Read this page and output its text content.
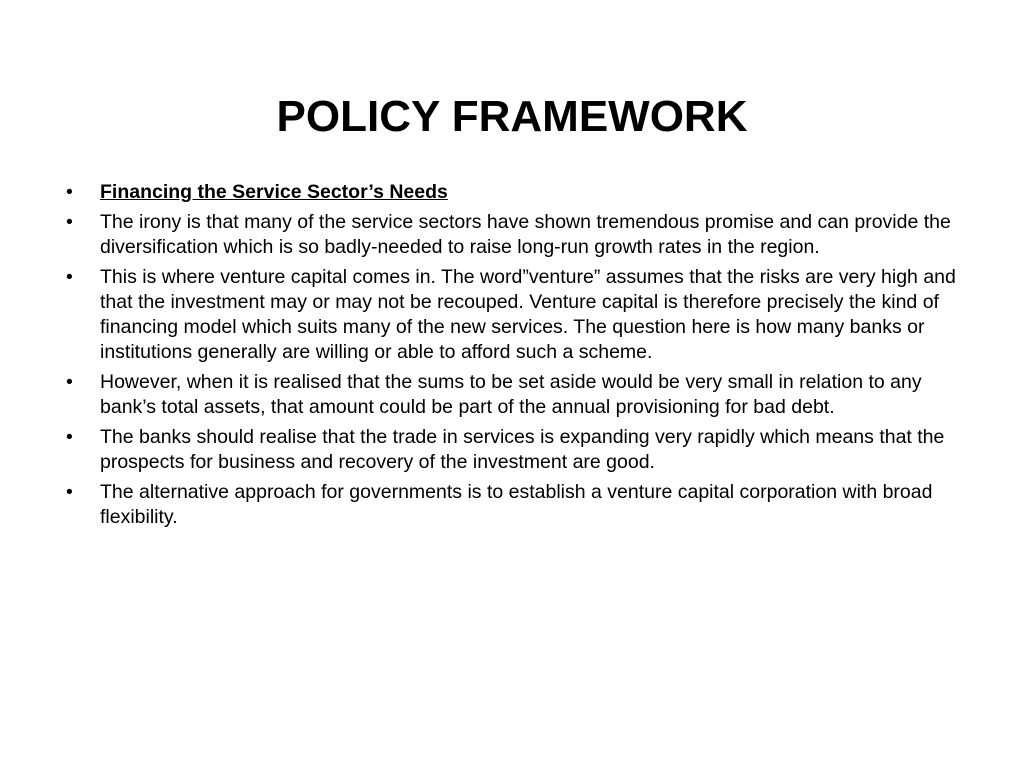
POLICY FRAMEWORK
•	Financing the Service Sector’s Needs
•	The irony is that many of the service sectors have shown tremendous promise and can provide the diversification which is so badly-needed to raise long-run growth rates in the region.
•	This is where venture capital comes in. The word”venture” assumes that the risks are very high and that the investment may or may not be recouped. Venture capital is therefore precisely the kind of financing model which suits many of the new services. The question here is how many banks or institutions generally are willing or able to afford such a scheme.
•	However, when it is realised that the sums to be set aside would be very small in relation to any bank’s total assets, that amount could be part of the annual provisioning for bad debt.
•	The banks should realise that the trade in services is expanding very rapidly which means that the prospects for business and recovery of the investment are good.
•	The alternative approach for governments is to establish a venture capital corporation with broad flexibility.
